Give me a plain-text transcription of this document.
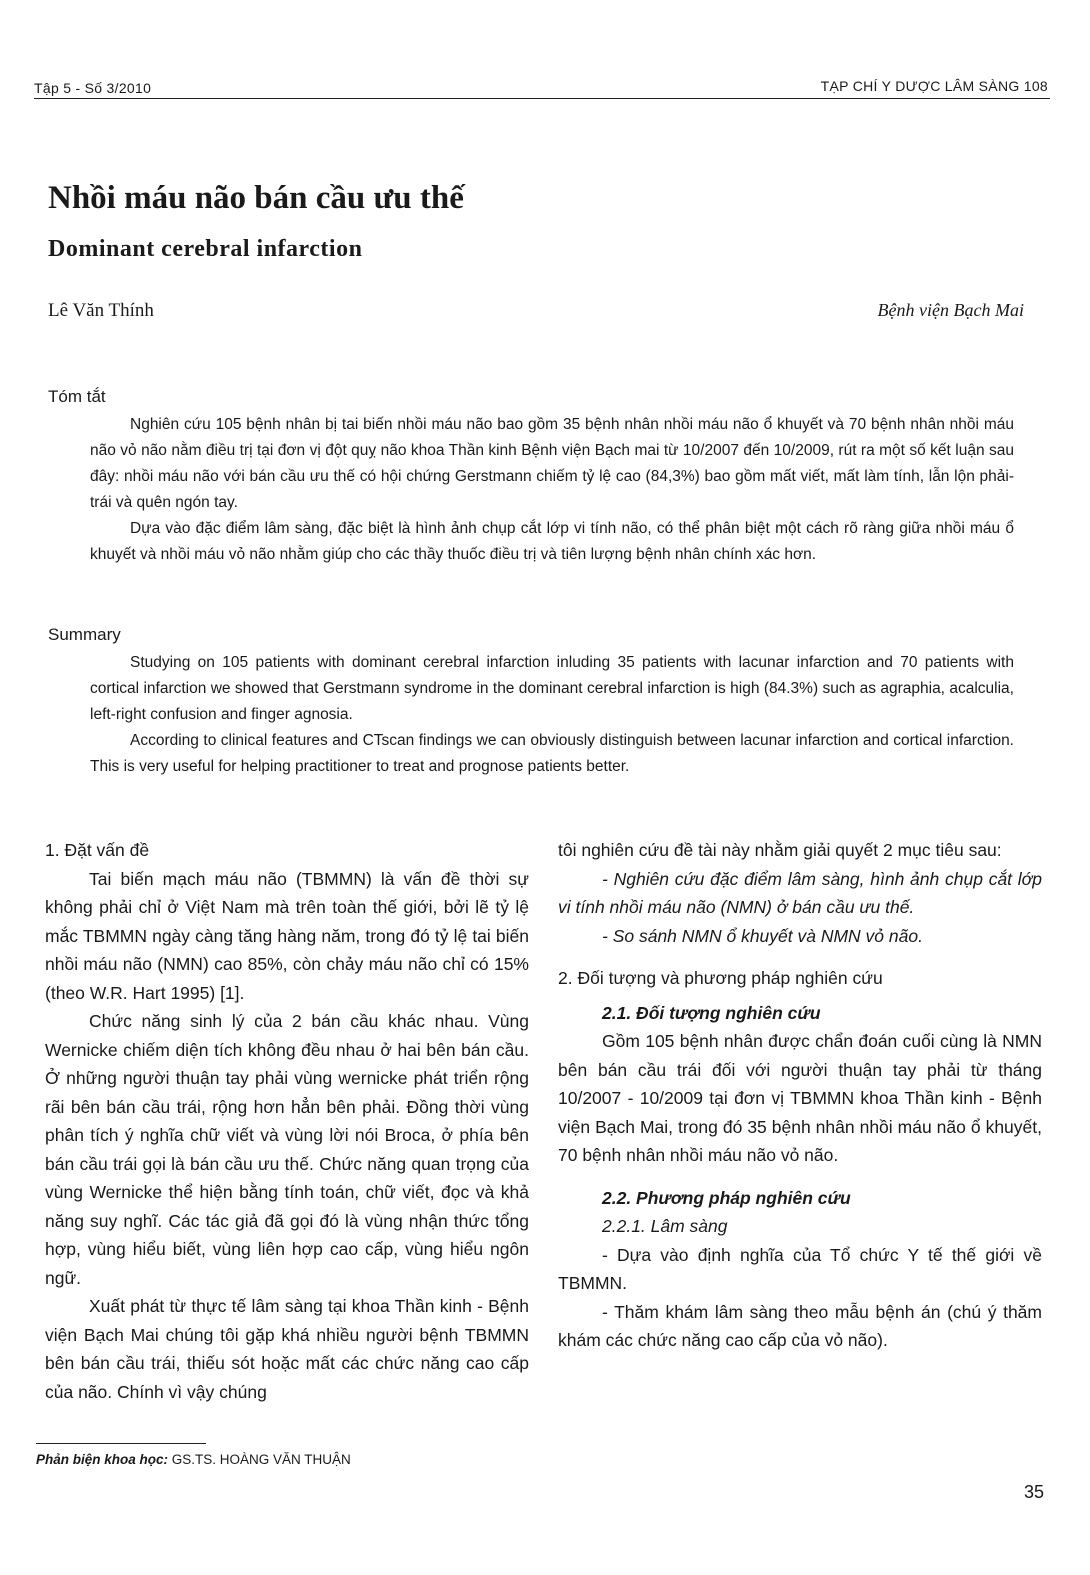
Tập 5 - Số 3/2010	TẠP CHÍ Y DƯỢC LÂM SÀNG 108
Nhồi máu não bán cầu ưu thế
Dominant cerebral infarction
Lê Văn Thính	Bệnh viện Bạch Mai
Tóm tắt

Nghiên cứu 105 bệnh nhân bị tai biến nhồi máu não bao gồm 35 bệnh nhân nhồi máu não ổ khuyết và 70 bệnh nhân nhồi máu não vỏ não nằm điều trị tại đơn vị đột quỵ não khoa Thần kinh Bệnh viện Bạch mai từ 10/2007 đến 10/2009, rút ra một số kết luận sau đây: nhồi máu não với bán cầu ưu thế có hội chứng Gerstmann chiếm tỷ lệ cao (84,3%) bao gồm mất viết, mất làm tính, lẫn lộn phải-trái và quên ngón tay.

Dựa vào đặc điểm lâm sàng, đặc biệt là hình ảnh chụp cắt lớp vi tính não, có thể phân biệt một cách rõ ràng giữa nhồi máu ổ khuyết và nhồi máu vỏ não nhằm giúp cho các thầy thuốc điều trị và tiên lượng bệnh nhân chính xác hơn.

Summary

Studying on 105 patients with dominant cerebral infarction inluding 35 patients with lacunar infarction and 70 patients with cortical infarction we showed that Gerstmann syndrome in the dominant cerebral infarction is high (84.3%) such as agraphia, acalculia, left-right confusion and finger agnosia.

According to clinical features and CTscan findings we can obviously distinguish between lacunar infarction and cortical infarction. This is very useful for helping practitioner to treat and prognose patients better.

1. Đặt vấn đề

Tai biến mạch máu não (TBMMN) là vấn đề thời sự không phải chỉ ở Việt Nam mà trên toàn thế giới, bởi lẽ tỷ lệ mắc TBMMN ngày càng tăng hàng năm, trong đó tỷ lệ tai biến nhồi máu não (NMN) cao 85%, còn chảy máu não chỉ có 15% (theo W.R. Hart 1995) [1].

Chức năng sinh lý của 2 bán cầu khác nhau. Vùng Wernicke chiếm diện tích không đều nhau ở hai bên bán cầu. Ở những người thuận tay phải vùng wernicke phát triển rộng rãi bên bán cầu trái, rộng hơn hẳn bên phải. Đồng thời vùng phân tích ý nghĩa chữ viết và vùng lời nói Broca, ở phía bên bán cầu trái gọi là bán cầu ưu thế. Chức năng quan trọng của vùng Wernicke thể hiện bằng tính toán, chữ viết, đọc và khả năng suy nghĩ. Các tác giả đã gọi đó là vùng nhận thức tổng hợp, vùng hiểu biết, vùng liên hợp cao cấp, vùng hiểu ngôn ngữ.

Xuất phát từ thực tế lâm sàng tại khoa Thần kinh - Bệnh viện Bạch Mai chúng tôi gặp khá nhiều người bệnh TBMMN bên bán cầu trái, thiếu sót hoặc mất các chức năng cao cấp của não. Chính vì vậy chúng

tôi nghiên cứu đề tài này nhằm giải quyết 2 mục tiêu sau:

- Nghiên cứu đặc điểm lâm sàng, hình ảnh chụp cắt lớp vi tính nhồi máu não (NMN) ở bán cầu ưu thế.

- So sánh NMN ổ khuyết và NMN vỏ não.

2. Đối tượng và phương pháp nghiên cứu

2.1. Đối tượng nghiên cứu

Gồm 105 bệnh nhân được chẩn đoán cuối cùng là NMN bên bán cầu trái đối với người thuận tay phải từ tháng 10/2007 - 10/2009 tại đơn vị TBMMN khoa Thần kinh - Bệnh viện Bạch Mai, trong đó 35 bệnh nhân nhồi máu não ổ khuyết, 70 bệnh nhân nhồi máu não vỏ não.

2.2. Phương pháp nghiên cứu

2.2.1. Lâm sàng

- Dựa vào định nghĩa của Tổ chức Y tế thế giới về TBMMN.

- Thăm khám lâm sàng theo mẫu bệnh án (chú ý thăm khám các chức năng cao cấp của vỏ não).

Phản biện khoa học: GS.TS. HOÀNG VĂN THUẬN
35
